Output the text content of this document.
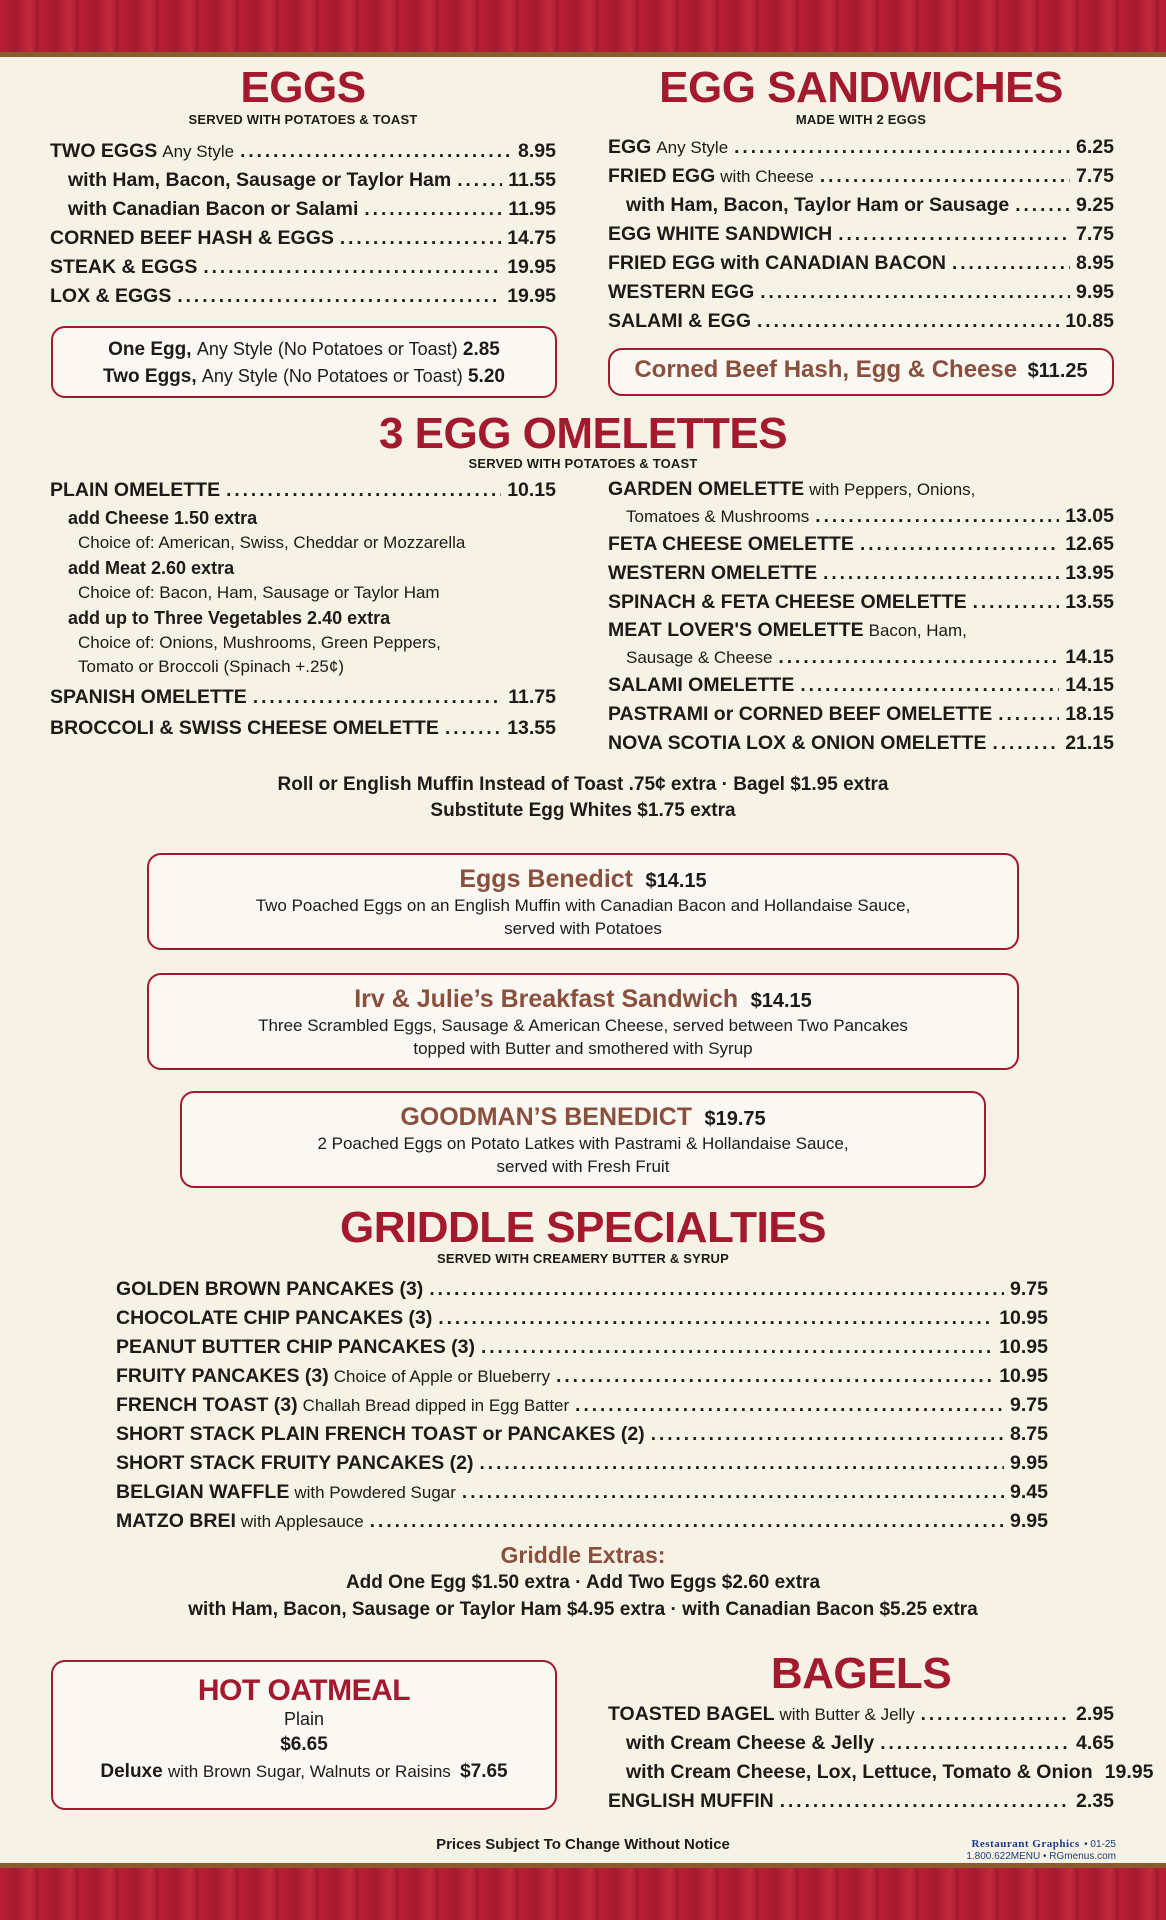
EGGS
SERVED WITH POTATOES & TOAST
TWO EGGS Any Style .....	8.95
with Ham, Bacon, Sausage or Taylor Ham .....	11.55
with Canadian Bacon or Salami .....	11.95
CORNED BEEF HASH & EGGS .....	14.75
STEAK & EGGS .....	19.95
LOX & EGGS .....	19.95
One Egg, Any Style (No Potatoes or Toast) 2.85
Two Eggs, Any Style (No Potatoes or Toast) 5.20
EGG SANDWICHES
MADE WITH 2 EGGS
EGG Any Style .....	6.25
FRIED EGG with Cheese .....	7.75
with Ham, Bacon, Taylor Ham or Sausage .....	9.25
EGG WHITE SANDWICH .....	7.75
FRIED EGG with CANADIAN BACON .....	8.95
WESTERN EGG .....	9.95
SALAMI & EGG .....	10.85
Corned Beef Hash, Egg & Cheese $11.25
3 EGG OMELETTES
SERVED WITH POTATOES & TOAST
PLAIN OMELETTE .....	10.15
add Cheese 1.50 extra
Choice of: American, Swiss, Cheddar or Mozzarella
add Meat 2.60 extra
Choice of: Bacon, Ham, Sausage or Taylor Ham
add up to Three Vegetables 2.40 extra
Choice of: Onions, Mushrooms, Green Peppers,
Tomato or Broccoli (Spinach +.25¢)
SPANISH OMELETTE .....	11.75
BROCCOLI & SWISS CHEESE OMELETTE .....	13.55
GARDEN OMELETTE with Peppers, Onions,
Tomatoes & Mushrooms .....	13.05
FETA CHEESE OMELETTE .....	12.65
WESTERN OMELETTE .....	13.95
SPINACH & FETA CHEESE OMELETTE .....	13.55
MEAT LOVER'S OMELETTE Bacon, Ham,
Sausage & Cheese .....	14.15
SALAMI OMELETTE .....	14.15
PASTRAMI or CORNED BEEF OMELETTE .....	18.15
NOVA SCOTIA LOX & ONION OMELETTE .....	21.15
Roll or English Muffin Instead of Toast .75¢ extra · Bagel $1.95 extra
Substitute Egg Whites $1.75 extra
Eggs Benedict $14.15
Two Poached Eggs on an English Muffin with Canadian Bacon and Hollandaise Sauce,
served with Potatoes
Irv & Julie’s Breakfast Sandwich $14.15
Three Scrambled Eggs, Sausage & American Cheese, served between Two Pancakes
topped with Butter and smothered with Syrup
GOODMAN’S BENEDICT $19.75
2 Poached Eggs on Potato Latkes with Pastrami & Hollandaise Sauce,
served with Fresh Fruit
GRIDDLE SPECIALTIES
SERVED WITH CREAMERY BUTTER & SYRUP
GOLDEN BROWN PANCAKES (3) .....	9.75
CHOCOLATE CHIP PANCAKES (3) .....	10.95
PEANUT BUTTER CHIP PANCAKES (3) .....	10.95
FRUITY PANCAKES (3) Choice of Apple or Blueberry .....	10.95
FRENCH TOAST (3) Challah Bread dipped in Egg Batter .....	9.75
SHORT STACK PLAIN FRENCH TOAST or PANCAKES (2) .....	8.75
SHORT STACK FRUITY PANCAKES (2) .....	9.95
BELGIAN WAFFLE with Powdered Sugar .....	9.45
MATZO BREI with Applesauce .....	9.95
Griddle Extras:
Add One Egg $1.50 extra · Add Two Eggs $2.60 extra
with Ham, Bacon, Sausage or Taylor Ham $4.95 extra · with Canadian Bacon $5.25 extra
HOT OATMEAL
Plain
$6.65
Deluxe with Brown Sugar, Walnuts or Raisins $7.65
BAGELS
TOASTED BAGEL with Butter & Jelly .....	2.95
with Cream Cheese & Jelly .....	4.65
with Cream Cheese, Lox, Lettuce, Tomato & Onion 19.95
ENGLISH MUFFIN .....	2.35
Prices Subject To Change Without Notice	Restaurant Graphics • 01-25
1.800.622MENU • RGmenus.com
